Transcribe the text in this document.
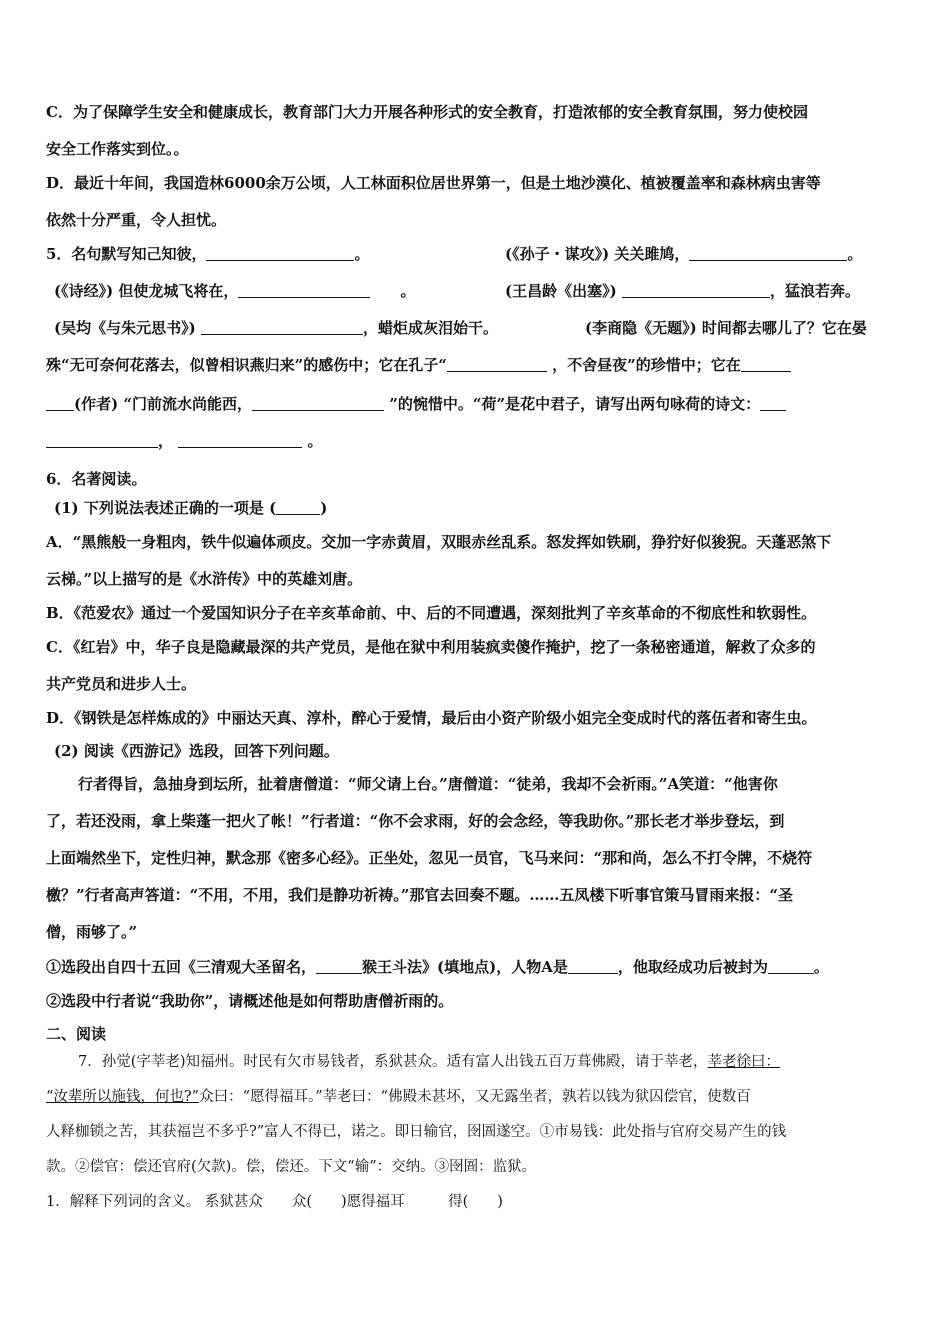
C．为了保障学生安全和健康成长，教育部门大力开展各种形式的安全教育，打造浓郁的安全教育氛围，努力使校园
安全工作落实到位。。
D．最近十年间，我国造林6000余万公顷，人工林面积位居世界第一，但是土地沙漠化、植被覆盖率和森林病虫害等
依然十分严重，令人担忧。
5．名句默写知己知彼，	。	(《孙子・谋攻》) 关关雎鸠，	。
(《诗经》) 但使龙城飞将在，　　	。	(王昌龄《出塞》)	，猛浪若奔。
(吴均《与朱元思书》)	，蜡炬成灰泪始干。	(李商隐《无题》) 时间都去哪儿了？它在晏
殊“无可奈何花落去，似曾相识燕归来”的感伤中；它在孔子“	，不舍昼夜”的珍惜中；它在
(作者) “门前流水尚能西，	”的惋惜中。“荷”是花中君子，请写出两句咏荷的诗文：
，	。
6．名著阅读。
(1) 下列说法表述正确的一项是 (	)
A．“黑熊般一身粗肉，铁牛似遍体顽皮。交加一字赤黄眉，双眼赤丝乱系。怒发挥如铁刷，狰狞好似狻猊。天蓬恶煞下
云梯。”以上描写的是《水浒传》中的英雄刘唐。
B．《范爱农》通过一个爱国知识分子在辛亥革命前、中、后的不同遭遇，深刻批判了辛亥革命的不彻底性和软弱性。
C．《红岩》中，华子良是隐藏最深的共产党员，是他在狱中利用装疯卖傻作掩护，挖了一条秘密通道，解救了众多的
共产党员和进步人士。
D．《钢铁是怎样炼成的》中丽达天真、淳朴，醉心于爱情，最后由小资产阶级小姐完全变成时代的落伍者和寄生虫。
(2) 阅读《西游记》选段，回答下列问题。
行者得旨，急抽身到坛所，扯着唐僧道：“师父请上台。”唐僧道：“徒弟，我却不会祈雨。”A笑道：“他害你
了，若还没雨，拿上柴蓬一把火了帐！”行者道：“你不会求雨，好的会念经，等我助你。”那长老才举步登坛，到
上面端然坐下，定性归神，默念那《密多心经》。正坐处，忽见一员官，飞马来问：“那和尚，怎么不打令牌，不烧符
檄？”行者高声答道：“不用，不用，我们是静功祈祷。”那官去回奏不题。……五凤楼下听事官策马冒雨来报：“圣
僧，雨够了。”
①选段出自四十五回《三清观大圣留名，	猴王斗法》(填地点)，人物A是	，他取经成功后被封为	。
②选段中行者说“我助你”，请概述他是如何帮助唐僧祈雨的。
二、阅读
7．孙觉(字莘老)知福州。时民有欠市易钱者，系狱甚众。适有富人出钱五百万葺佛殿，请于莘老，莘老徐曰：
“汝辈所以施钱，何也?”众曰：“愿得福耳。”莘老曰：“佛殿未甚坏，又无露坐者，孰若以钱为狱囚偿官，使数百
人释枷锁之苦，其获福岂不多乎?”富人不得已，诺之。即日输官，囹圄遂空。①市易钱：此处指与官府交易产生的钱
款。②偿官：偿还官府(欠款)。偿，偿还。下文“输”：交纳。③囹圄：监狱。
1．解释下列词的含义。 系狱甚众　　众(　　)愿得福耳　　　得(　　)
